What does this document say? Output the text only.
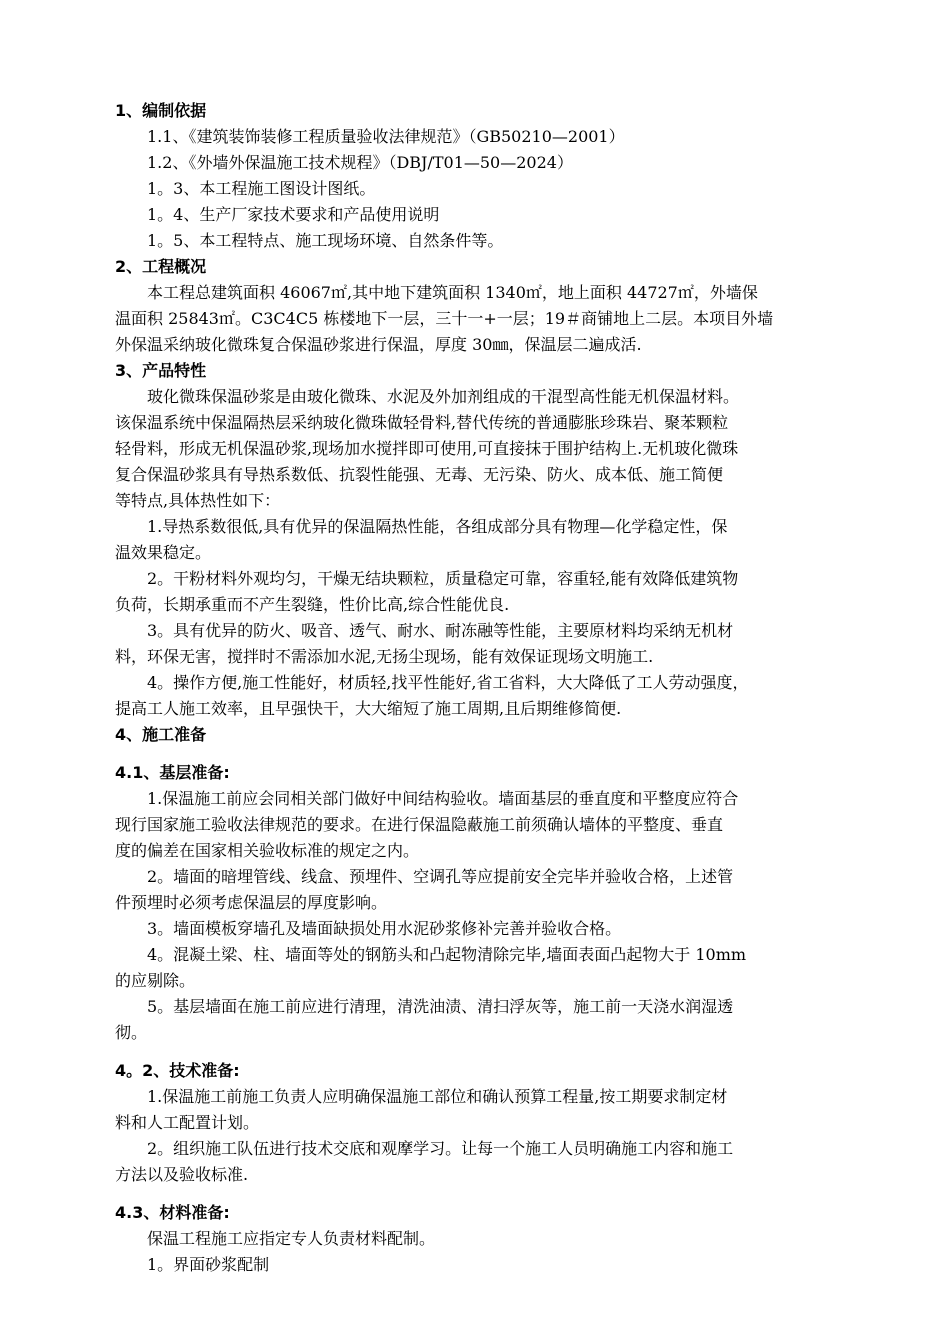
1、编制依据
1.1、《建筑装饰装修工程质量验收法律规范》（GB50210—2001）
1.2、《外墙外保温施工技术规程》（DBJ/T01—50—2024）
1。3、本工程施工图设计图纸。
1。4、生产厂家技术要求和产品使用说明
1。5、本工程特点、施工现场环境、自然条件等。
2、工程概况
本工程总建筑面积 46067㎡,其中地下建筑面积 1340㎡，地上面积 44727㎡，外墙保
温面积 25843㎡。C3C4C5 栋楼地下一层，三十一+一层；19＃商铺地上二层。本项目外墙
外保温采纳玻化微珠复合保温砂浆进行保温，厚度 30㎜，保温层二遍成活.
3、产品特性
玻化微珠保温砂浆是由玻化微珠、水泥及外加剂组成的干混型高性能无机保温材料。
该保温系统中保温隔热层采纳玻化微珠做轻骨料,替代传统的普通膨胀珍珠岩、聚苯颗粒
轻骨料，形成无机保温砂浆,现场加水搅拌即可使用,可直接抹于围护结构上.无机玻化微珠
复合保温砂浆具有导热系数低、抗裂性能强、无毒、无污染、防火、成本低、施工简便
等特点,具体热性如下：
1.导热系数很低,具有优异的保温隔热性能，各组成部分具有物理—化学稳定性，保
温效果稳定。
2。干粉材料外观均匀，干燥无结块颗粒，质量稳定可靠，容重轻,能有效降低建筑物
负荷，长期承重而不产生裂缝，性价比高,综合性能优良.
3。具有优异的防火、吸音、透气、耐水、耐冻融等性能，主要原材料均采纳无机材
料，环保无害，搅拌时不需添加水泥,无扬尘现场，能有效保证现场文明施工.
4。操作方便,施工性能好，材质轻,找平性能好,省工省料，大大降低了工人劳动强度，
提高工人施工效率，且早强快干，大大缩短了施工周期,且后期维修简便.
4、施工准备
4.1、基层准备:
1.保温施工前应会同相关部门做好中间结构验收。墙面基层的垂直度和平整度应符合
现行国家施工验收法律规范的要求。在进行保温隐蔽施工前须确认墙体的平整度、垂直
度的偏差在国家相关验收标准的规定之内。
2。墙面的暗埋管线、线盒、预埋件、空调孔等应提前安全完毕并验收合格，上述管
件预埋时必须考虑保温层的厚度影响。
3。墙面模板穿墙孔及墙面缺损处用水泥砂浆修补完善并验收合格。
4。混凝土梁、柱、墙面等处的钢筋头和凸起物清除完毕,墙面表面凸起物大于 10mm
的应剔除。
5。基层墙面在施工前应进行清理，清洗油渍、清扫浮灰等，施工前一天浇水润湿透
彻。
4。2、技术准备:
1.保温施工前施工负责人应明确保温施工部位和确认预算工程量,按工期要求制定材
料和人工配置计划。
2。组织施工队伍进行技术交底和观摩学习。让每一个施工人员明确施工内容和施工
方法以及验收标准.
4.3、材料准备:
保温工程施工应指定专人负责材料配制。
1。界面砂浆配制
